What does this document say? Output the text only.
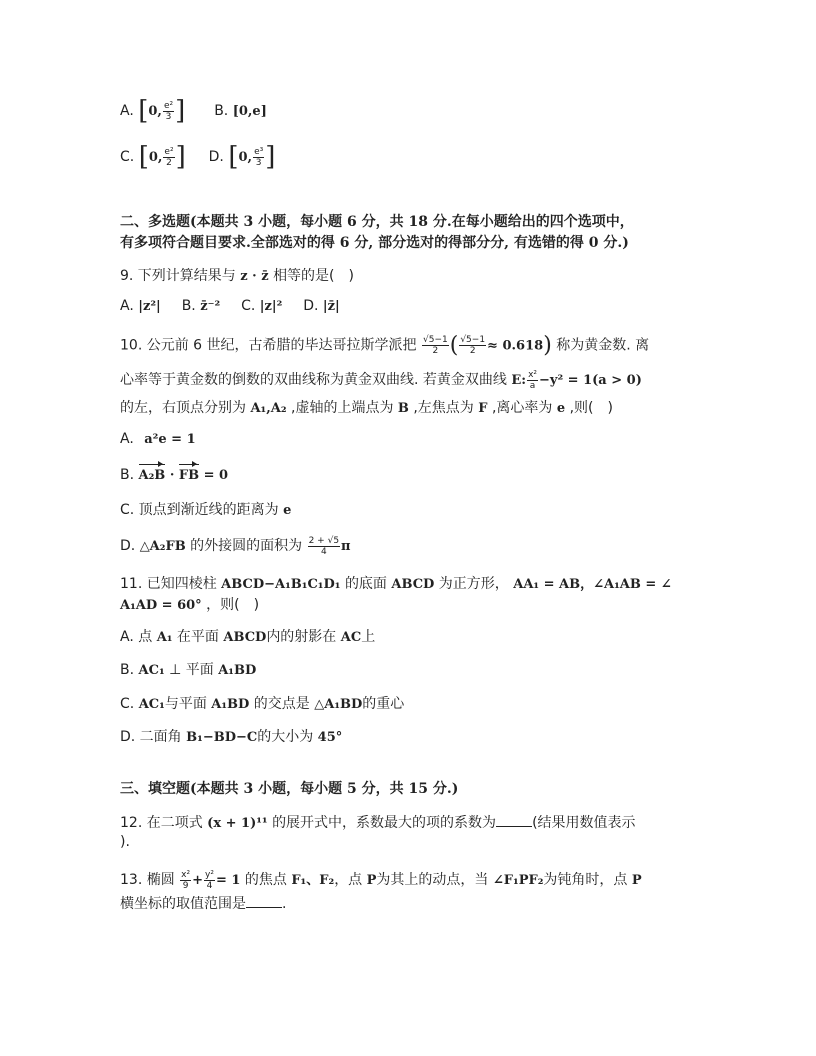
A. [0, $\frac{\text{e²}}{3}$ ] B. [0,e]
C. [0, $\frac{\text{e²}}{2}$ ] D. [0, $\frac{\text{e³}}{3}$ ]
二、多选题(本题共 3 小题，每小题 6 分，共 18 分.在每小题给出的四个选项中，
有多项符合题目要求.全部选对的得 6 分, 部分选对的得部分分, 有选错的得 0 分.)
9. 下列计算结果与 z · z̄ 相等的是(　)
A. |z²| B. z̄⁻² C. |z|² D. |z̄|
10. 公元前 6 世纪，古希腊的毕达哥拉斯学派把 $\frac{√5-1}{2}$ ( $\frac{√5-1}{2} \approx 0.618$) 称为黄金数. 离
心率等于黄金数的倒数的双曲线称为黄金双曲线. 若黄金双曲线 E: $\frac{\text{x²}}{a} -y^2 = 1(a > 0)$
的左，右顶点分别为 A₁,A₂ ,虚轴的上端点为 B ,左焦点为 F ,离心率为 e ,则(　)
A. a²e = 1
B. A₂B · FB = 0
C. 顶点到渐近线的距离为 e
D. △A₂FB 的外接圆的面积为 $\frac{2 + √5}{4}$ π
11. 已知四棱柱 ABCD−A₁B₁C₁D₁ 的底面 ABCD 为正方形， AA₁ = AB，∠A₁AB = ∠
A₁AD = 60° ，则(　)
A. 点 A₁ 在平面 ABCD内的射影在 AC上
B. AC₁ ⊥ 平面 A₁BD
C. AC₁与平面 A₁BD 的交点是 △A₁BD的重心
D. 二面角 B₁−BD−C的大小为 45°
三、填空题(本题共 3 小题，每小题 5 分，共 15 分.)
12. 在二项式 (x + 1)¹¹ 的展开式中，系数最大的项的系数为	(结果用数值表示
).
13. 椭圆 $\frac{\text{x²}}{9} + \frac{\text{y²}}{4} = 1$ 的焦点 F₁、F₂，点 P为其上的动点，当 ∠F₁PF₂为钝角时，点 P
横坐标的取值范围是	.
